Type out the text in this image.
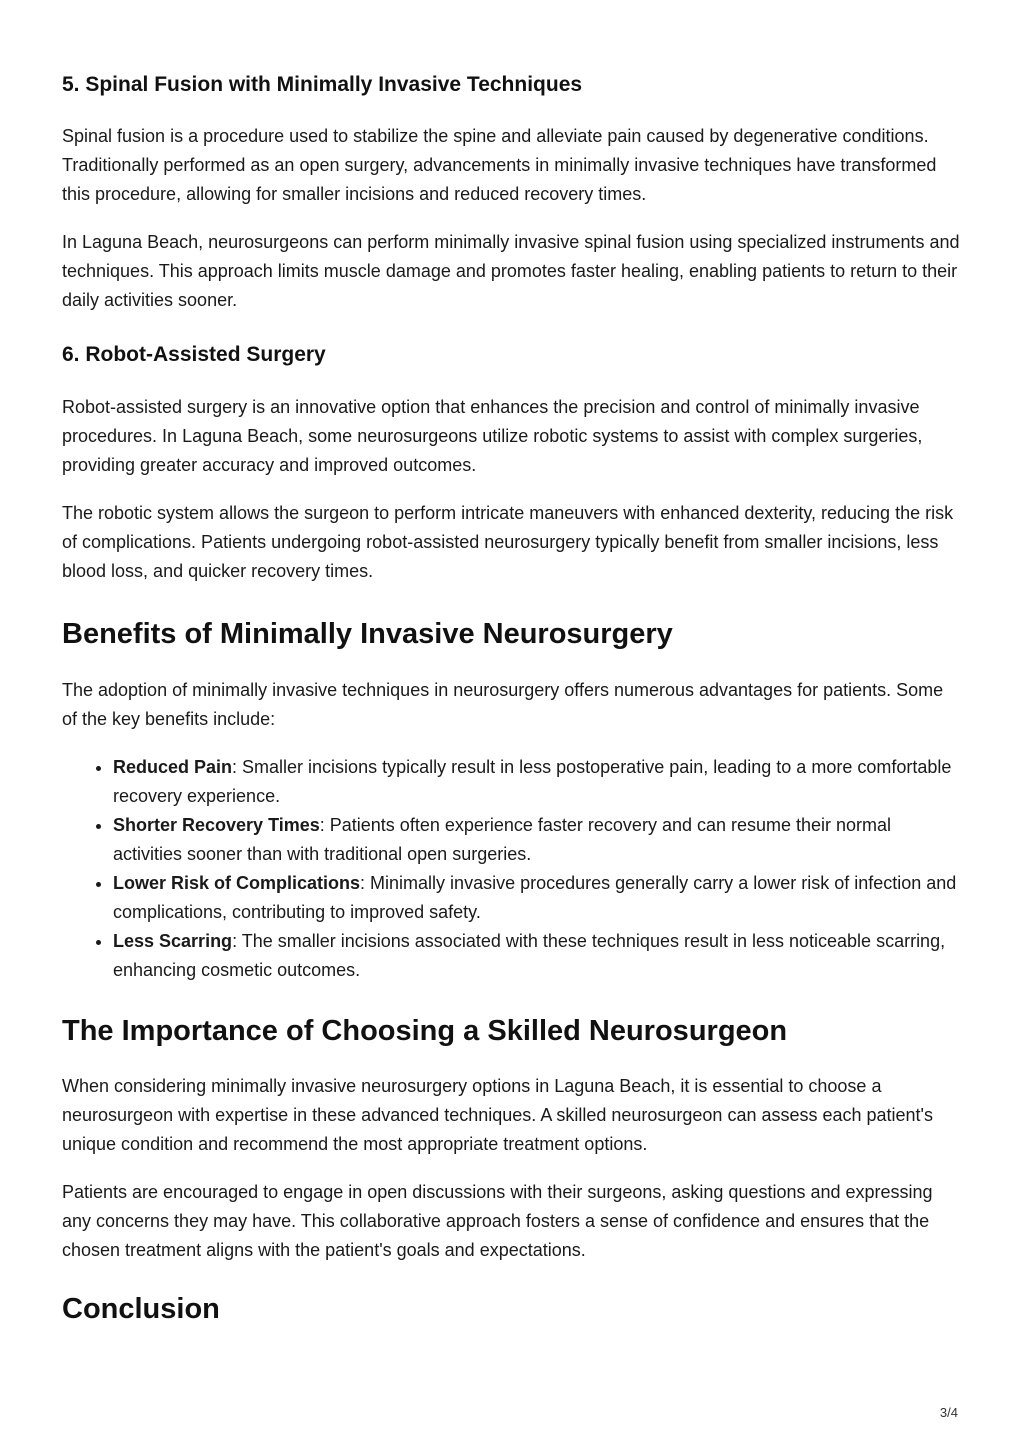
5. Spinal Fusion with Minimally Invasive Techniques

Spinal fusion is a procedure used to stabilize the spine and alleviate pain caused by degenerative conditions. Traditionally performed as an open surgery, advancements in minimally invasive techniques have transformed this procedure, allowing for smaller incisions and reduced recovery times.

In Laguna Beach, neurosurgeons can perform minimally invasive spinal fusion using specialized instruments and techniques. This approach limits muscle damage and promotes faster healing, enabling patients to return to their daily activities sooner.

6. Robot-Assisted Surgery

Robot-assisted surgery is an innovative option that enhances the precision and control of minimally invasive procedures. In Laguna Beach, some neurosurgeons utilize robotic systems to assist with complex surgeries, providing greater accuracy and improved outcomes.

The robotic system allows the surgeon to perform intricate maneuvers with enhanced dexterity, reducing the risk of complications. Patients undergoing robot-assisted neurosurgery typically benefit from smaller incisions, less blood loss, and quicker recovery times.

Benefits of Minimally Invasive Neurosurgery

The adoption of minimally invasive techniques in neurosurgery offers numerous advantages for patients. Some of the key benefits include:

• Reduced Pain: Smaller incisions typically result in less postoperative pain, leading to a more comfortable recovery experience.
• Shorter Recovery Times: Patients often experience faster recovery and can resume their normal activities sooner than with traditional open surgeries.
• Lower Risk of Complications: Minimally invasive procedures generally carry a lower risk of infection and complications, contributing to improved safety.
• Less Scarring: The smaller incisions associated with these techniques result in less noticeable scarring, enhancing cosmetic outcomes.
The Importance of Choosing a Skilled Neurosurgeon

When considering minimally invasive neurosurgery options in Laguna Beach, it is essential to choose a neurosurgeon with expertise in these advanced techniques. A skilled neurosurgeon can assess each patient's unique condition and recommend the most appropriate treatment options.

Patients are encouraged to engage in open discussions with their surgeons, asking questions and expressing any concerns they may have. This collaborative approach fosters a sense of confidence and ensures that the chosen treatment aligns with the patient's goals and expectations.

Conclusion
3/4
